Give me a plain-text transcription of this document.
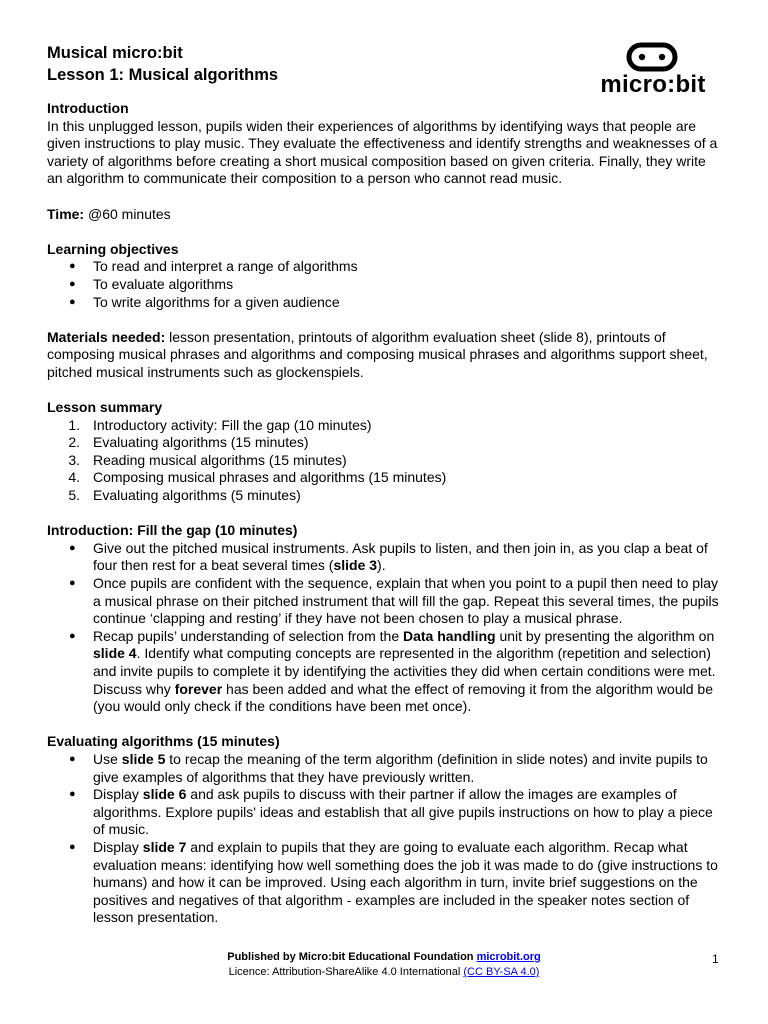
micro:bit
Musical micro:bit
Lesson 1: Musical algorithms
Introduction

In this unplugged lesson, pupils widen their experiences of algorithms by identifying ways that people are given instructions to play music. They evaluate the effectiveness and identify strengths and weaknesses of a variety of algorithms before creating a short musical composition based on given criteria. Finally, they write an algorithm to communicate their composition to a person who cannot read music.

Time: @60 minutes

Learning objectives
● To read and interpret a range of algorithms
● To evaluate algorithms
● To write algorithms for a given audience

Materials needed: lesson presentation, printouts of algorithm evaluation sheet (slide 8), printouts of composing musical phrases and algorithms and composing musical phrases and algorithms support sheet, pitched musical instruments such as glockenspiels.

Lesson summary
1. Introductory activity: Fill the gap (10 minutes)
2. Evaluating algorithms (15 minutes)
3. Reading musical algorithms (15 minutes)
4. Composing musical phrases and algorithms (15 minutes)
5. Evaluating algorithms (5 minutes)
Introduction: Fill the gap (10 minutes)
● Give out the pitched musical instruments. Ask pupils to listen, and then join in, as you clap a beat of four then rest for a beat several times (slide 3).
● Once pupils are confident with the sequence, explain that when you point to a pupil then need to play a musical phrase on their pitched instrument that will fill the gap. Repeat this several times, the pupils continue ‘clapping and resting’ if they have not been chosen to play a musical phrase.
● Recap pupils’ understanding of selection from the Data handling unit by presenting the algorithm on slide 4. Identify what computing concepts are represented in the algorithm (repetition and selection) and invite pupils to complete it by identifying the activities they did when certain conditions were met. Discuss why forever has been added and what the effect of removing it from the algorithm would be (you would only check if the conditions have been met once).
Evaluating algorithms (15 minutes)
● Use slide 5 to recap the meaning of the term algorithm (definition in slide notes) and invite pupils to give examples of algorithms that they have previously written.
● Display slide 6 and ask pupils to discuss with their partner if allow the images are examples of algorithms. Explore pupils' ideas and establish that all give pupils instructions on how to play a piece of music.
● Display slide 7 and explain to pupils that they are going to evaluate each algorithm. Recap what evaluation means: identifying how well something does the job it was made to do (give instructions to humans) and how it can be improved. Using each algorithm in turn, invite brief suggestions on the positives and negatives of that algorithm - examples are included in the speaker notes section of lesson presentation.
Published by Micro:bit Educational Foundation microbit.org
Licence: Attribution-ShareAlike 4.0 International (CC BY-SA 4.0)
1
